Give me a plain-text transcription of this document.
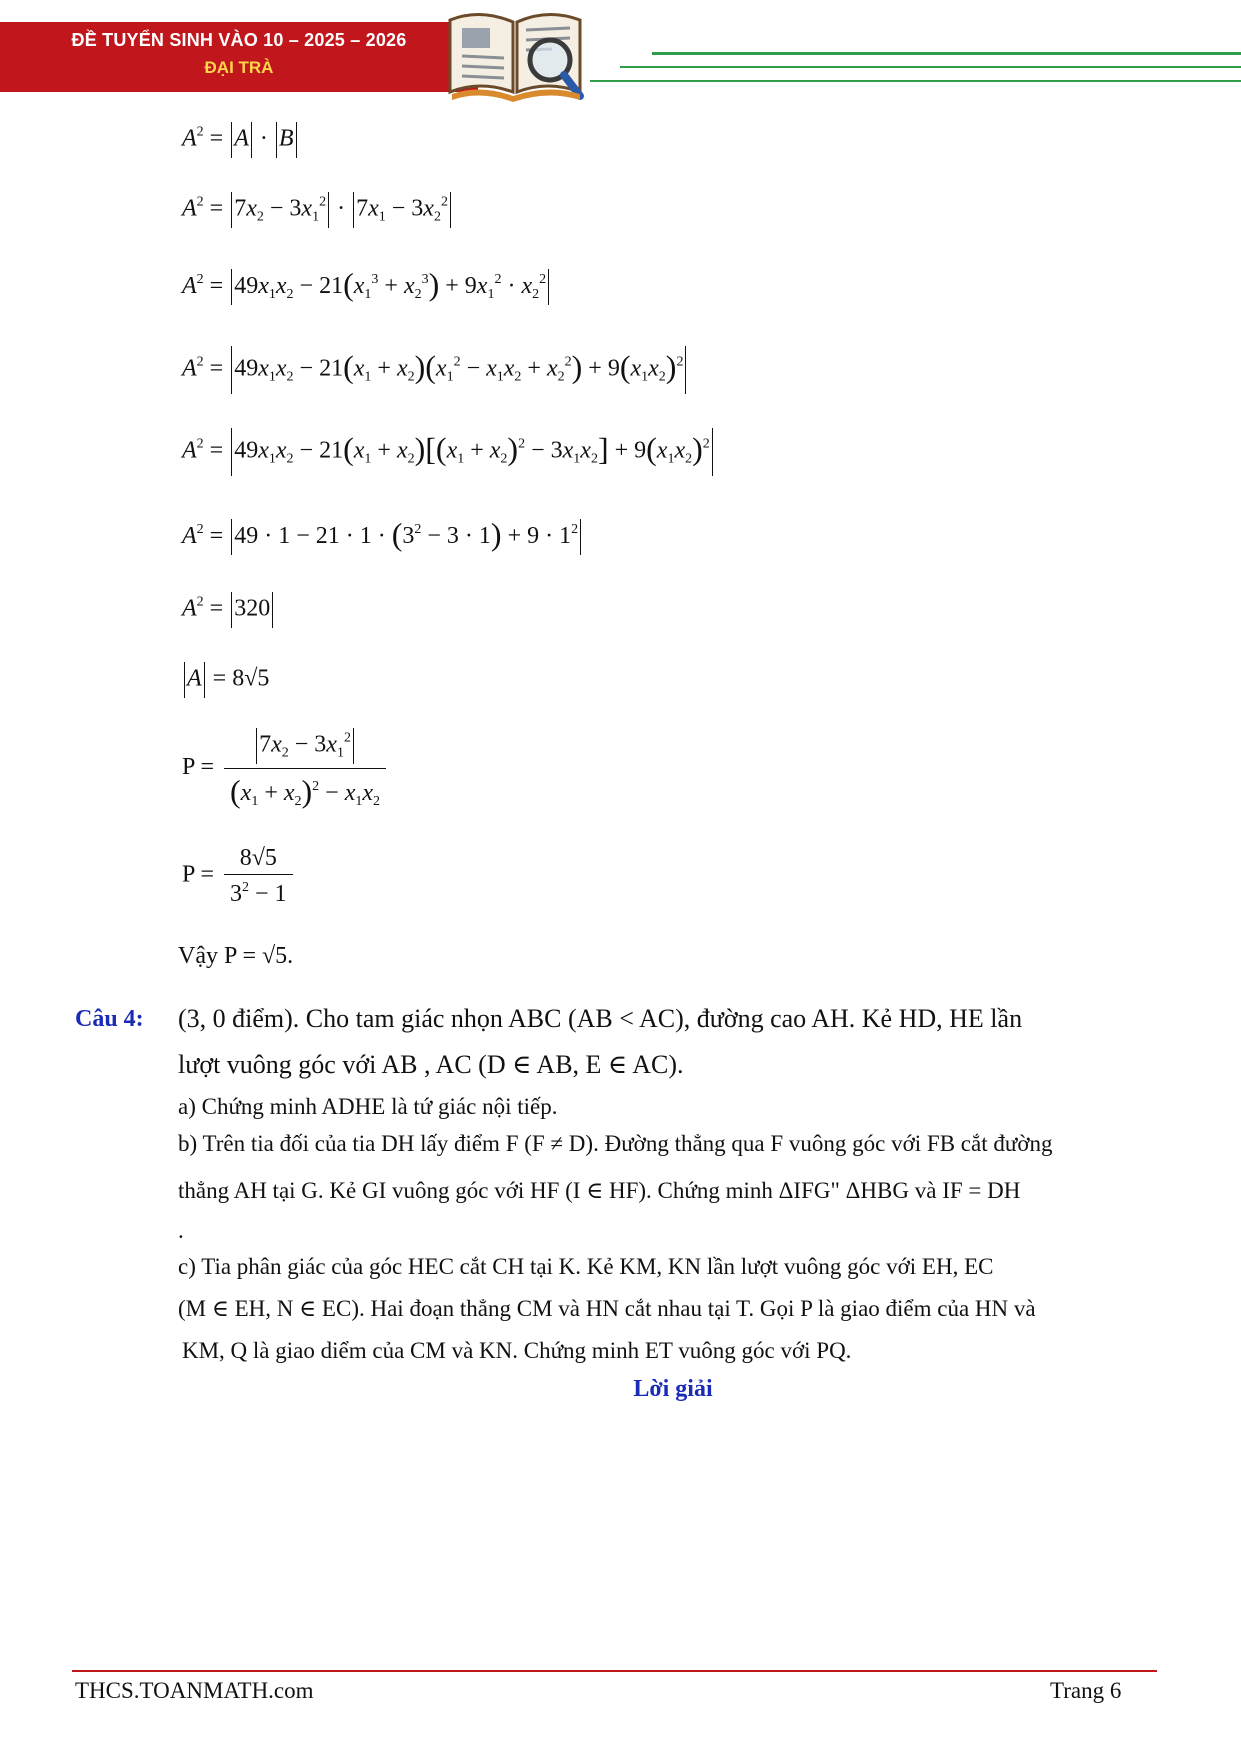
ĐỀ TUYỂN SINH VÀO 10 – 2025 – 2026
ĐẠI TRÀ
$A^2 = A \cdot B$
$A^2 = 7x_2 - 3x_1^2 \cdot 7x_1 - 3x_2^2$
$A^2 = 49x_1x_2 - 21(x_1^3 + x_2^3) + 9x_1^2 \cdot x_2^2$
$A^2 = 49x_1x_2 - 21(x_1 + x_2)(x_1^2 - x_1x_2 + x_2^2) + 9(x_1x_2)^2$
$A^2 = 49x_1x_2 - 21(x_1 + x_2)[(x_1 + x_2)^2 - 3x_1x_2] + 9(x_1x_2)^2$
$A^2 = 49 \cdot 1 - 21 \cdot 1 \cdot (3^2 - 3 \cdot 1) + 9 \cdot 1^2$
$A^2 = 320$
A = 8√5
$P = \frac{7x_2 - 3x_1^2}{(x_1 + x_2)^2 - x_1x_2}$
$P = \frac{8√5}{3^2 - 1}$
Vậy P = √5.
Câu 4: (3, 0 điểm). Cho tam giác nhọn ABC (AB < AC), đường cao AH. Kẻ HD, HE lần
lượt vuông góc với AB , AC (D ∈ AB, E ∈ AC).
a) Chứng minh ADHE là tứ giác nội tiếp.
b) Trên tia đối của tia DH lấy điểm F (F ≠ D). Đường thẳng qua F vuông góc với FB cắt đường
thẳng AH tại G. Kẻ GI vuông góc với HF (I ∈ HF). Chứng minh ΔIFG" ΔHBG và IF = DH
.
c) Tia phân giác của góc HEC cắt CH tại K. Kẻ KM, KN lần lượt vuông góc với EH, EC
(M ∈ EH, N ∈ EC). Hai đoạn thẳng CM và HN cắt nhau tại T. Gọi P là giao điểm của HN và
KM, Q là giao diểm của CM và KN. Chứng minh ET vuông góc với PQ.
Lời giải
THCS.TOANMATH.com	Trang 6
